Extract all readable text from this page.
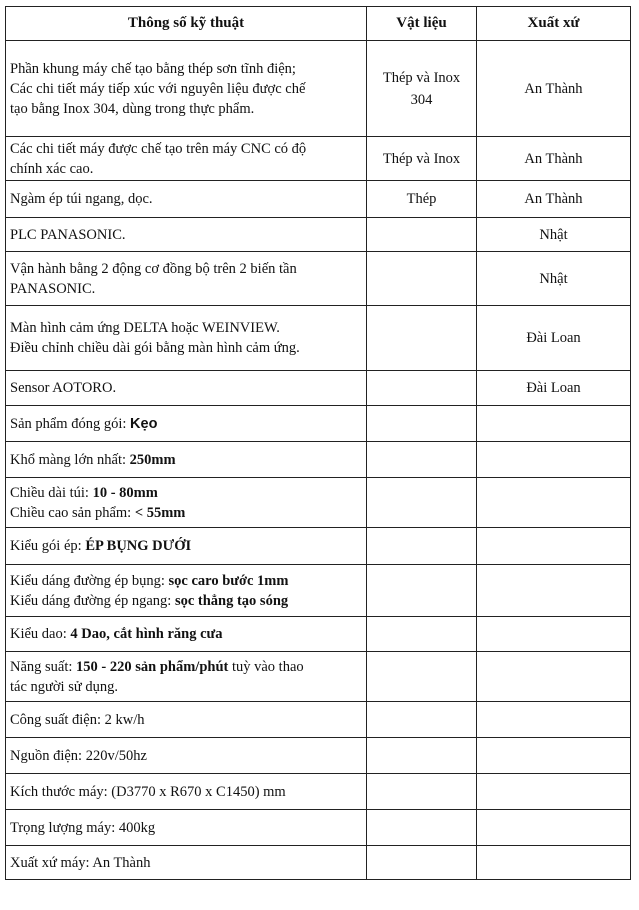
Thông số kỹ thuật	Vật liệu	Xuất xứ

Phần khung máy chế tạo bằng thép sơn tĩnh điện;
Các chi tiết máy tiếp xúc với nguyên liệu được chế
tạo bằng Inox 304, dùng trong thực phẩm.	Thép và Inox
304	An Thành

Các chi tiết máy được chế tạo trên máy CNC có độ
chính xác cao.	Thép và Inox	An Thành

Ngàm ép túi ngang, dọc.	Thép	An Thành

PLC PANASONIC.		Nhật

Vận hành bằng 2 động cơ đồng bộ trên 2 biến tần
PANASONIC.		Nhật

Màn hình cảm ứng DELTA hoặc WEINVIEW.
Điều chỉnh chiều dài gói bằng màn hình cảm ứng.		Đài Loan

Sensor AOTORO.		Đài Loan

Sản phẩm đóng gói: Kẹo		

Khổ màng lớn nhất: 250mm		

Chiều dài túi: 10 - 80mm
Chiều cao sản phẩm: < 55mm		

Kiểu gói ép: ÉP BỤNG DƯỚI		

Kiểu dáng đường ép bụng: sọc caro bước 1mm
Kiểu dáng đường ép ngang: sọc thẳng tạo sóng		

Kiểu dao: 4 Dao, cắt hình răng cưa		

Năng suất: 150 - 220 sản phẩm/phút tuỳ vào thao
tác người sử dụng.		

Công suất điện: 2 kw/h		

Nguồn điện: 220v/50hz		

Kích thước máy: (D3770 x R670 x C1450) mm		

Trọng lượng máy: 400kg		

Xuất xứ máy: An Thành		
